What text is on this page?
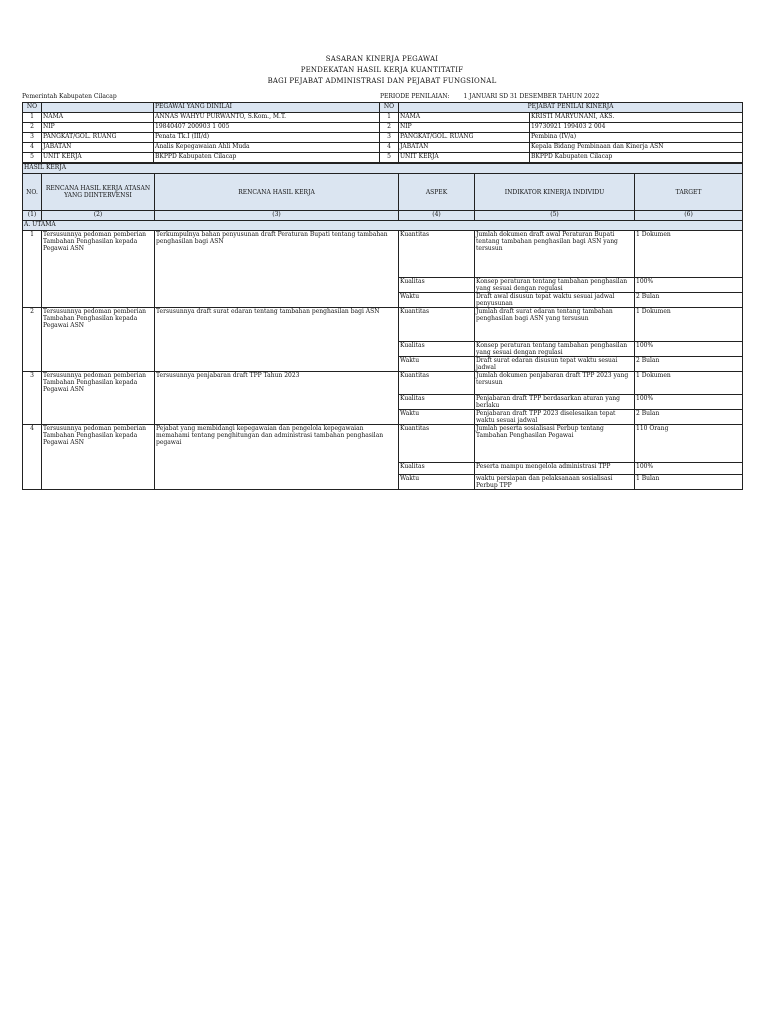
SASARAN KINERJA PEGAWAI
PENDEKATAN HASIL KERJA KUANTITATIF
BAGI PEJABAT ADMINISTRASI DAN PEJABAT FUNGSIONAL
Pemerintah Kabupaten Cilacap	PERIODE PENILAIAN: 1 JANUARI SD 31 DESEMBER TAHUN 2022
NO		PEGAWAI YANG DINILAI	NO	PEJABAT PENILAI KINERJA	
1	NAMA	ANNAS WAHYU PURWANTO, S.Kom., M.T.	1	NAMA	KRISTI MARYUNANI, AKS.
2	NIP	19840407 200903 1 005	2	NIP	19730921 199403 2 004
3	PANGKAT/GOL. RUANG	Penata Tk.I (III/d)	3	PANGKAT/GOL. RUANG	Pembina (IV/a)
4	JABATAN	Analis Kepegawaian Ahli Muda	4	JABATAN	Kepala Bidang Pembinaan dan Kinerja ASN
5	UNIT KERJA	BKPPD Kabupaten Cilacap	5	UNIT KERJA	BKPPD Kabupaten Cilacap
HASIL KERJA					
NO.	RENCANA HASIL KERJA ATASAN YANG DIINTERVENSI	RENCANA HASIL KERJA	ASPEK	INDIKATOR KINERJA INDIVIDU	TARGET
(1)	(2)	(3)	(4)	(5)	(6)
A. UTAMA					
1	Tersusunnya pedoman pemberian Tambahan Penghasilan kepada Pegawai ASN	Terkumpulnya bahan penyusunan draft Peraturan Bupati tentang tambahan penghasilan bagi ASN	Kuantitas	Jumlah dokumen draft awal Peraturan Bupati tentang tambahan penghasilan bagi ASN yang tersusun	1 Dokumen
			Kualitas	Konsep peraturan tentang tambahan penghasilan yang sesuai dengan regulasi	100%
			Waktu	Draft awal disusun tepat waktu sesuai jadwal penyusunan	2 Bulan
2	Tersusunnya pedoman pemberian Tambahan Penghasilan kepada Pegawai ASN	Tersusunnya draft surat edaran tentang tambahan penghasilan bagi ASN	Kuantitas	Jumlah draft surat edaran tentang tambahan penghasilan bagi ASN yang tersusun	1 Dokumen
			Kualitas	Konsep peraturan tentang tambahan penghasilan yang sesuai dengan regulasi	100%
			Waktu	Draft surat edaran disusun tepat waktu sesuai jadwal	2 Bulan
3	Tersusunnya pedoman pemberian Tambahan Penghasilan kepada Pegawai ASN	Tersusunnya penjabaran draft TPP Tahun 2023	Kuantitas	Jumlah dokumen penjabaran draft TPP 2023 yang tersusun	1 Dokumen
			Kualitas	Penjabaran draft TPP berdasarkan aturan yang berlaku	100%
			Waktu	Penjabaran draft TPP 2023 diselesaikan tepat waktu sesuai jadwal	2 Bulan
4	Tersusunnya pedoman pemberian Tambahan Penghasilan kepada Pegawai ASN	Pejabat yang membidangi kepegawaian dan pengelola kepegawaian memahami tentang penghitungan dan administrasi tambahan penghasilan pegawai	Kuantitas	Jumlah peserta sosialisasi Perbup tentang Tambahan Penghasilan Pegawai	110 Orang
			Kualitas	Peserta mampu mengelola administrasi TPP	100%
			Waktu	waktu persiapan dan pelaksanaan sosialisasi Perbup TPP	1 Bulan
